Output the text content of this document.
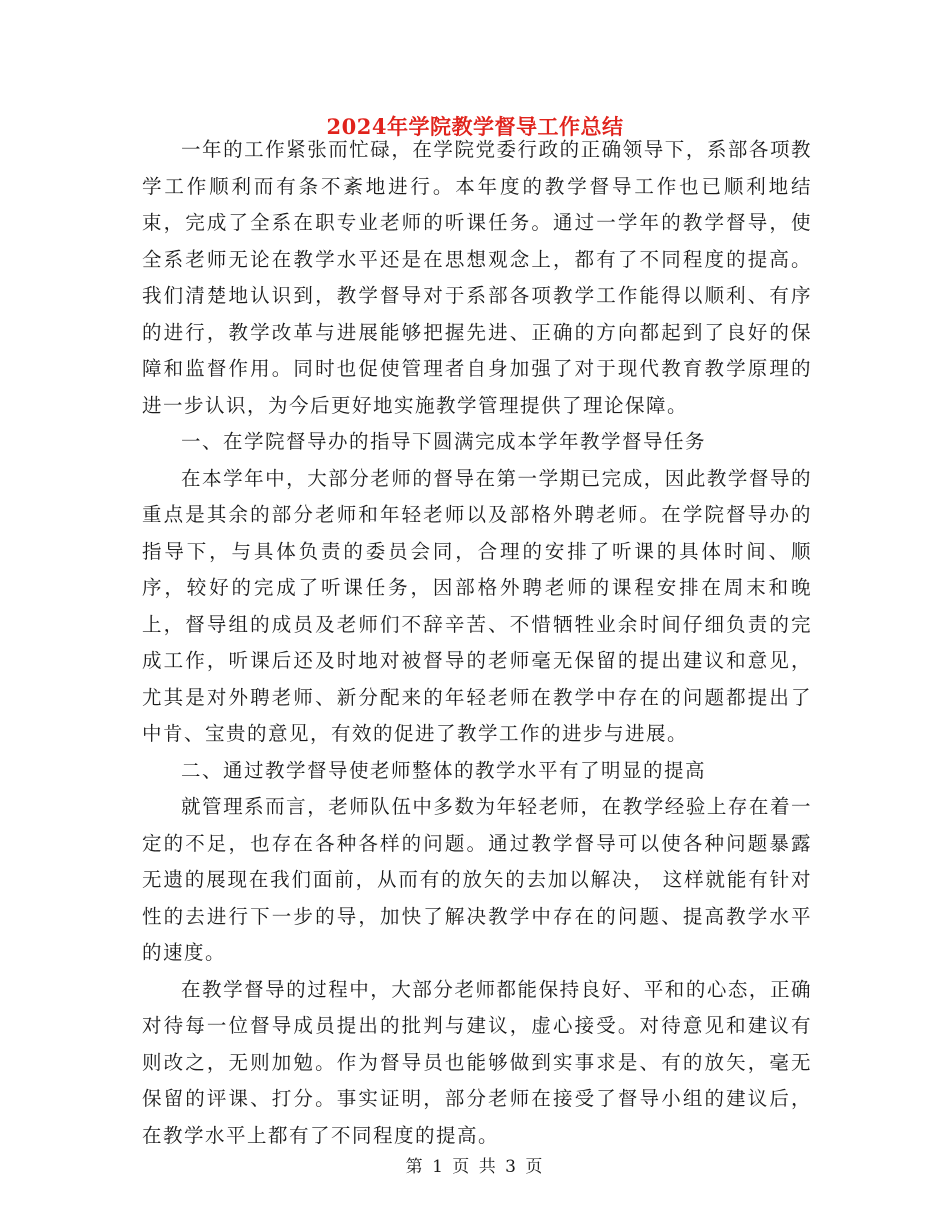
2024年学院教学督导工作总结

一年的工作紧张而忙碌，在学院党委行政的正确领导下，系部各项教学工作顺利而有条不紊地进行。本年度的教学督导工作也已顺利地结束，完成了全系在职专业老师的听课任务。通过一学年的教学督导，使全系老师无论在教学水平还是在思想观念上，都有了不同程度的提高。我们清楚地认识到，教学督导对于系部各项教学工作能得以顺利、有序的进行，教学改革与进展能够把握先进、正确的方向都起到了良好的保障和监督作用。同时也促使管理者自身加强了对于现代教育教学原理的进一步认识，为今后更好地实施教学管理提供了理论保障。

一、在学院督导办的指导下圆满完成本学年教学督导任务

在本学年中，大部分老师的督导在第一学期已完成，因此教学督导的重点是其余的部分老师和年轻老师以及部格外聘老师。在学院督导办的指导下，与具体负责的委员会同，合理的安排了听课的具体时间、顺序，较好的完成了听课任务，因部格外聘老师的课程安排在周末和晚上，督导组的成员及老师们不辞辛苦、不惜牺牲业余时间仔细负责的完成工作，听课后还及时地对被督导的老师毫无保留的提出建议和意见，尤其是对外聘老师、新分配来的年轻老师在教学中存在的问题都提出了中肯、宝贵的意见，有效的促进了教学工作的进步与进展。

二、通过教学督导使老师整体的教学水平有了明显的提高

就管理系而言，老师队伍中多数为年轻老师，在教学经验上存在着一定的不足，也存在各种各样的问题。通过教学督导可以使各种问题暴露无遗的展现在我们面前，从而有的放矢的去加以解决， 这样就能有针对性的去进行下一步的导，加快了解决教学中存在的问题、提高教学水平的速度。

在教学督导的过程中，大部分老师都能保持良好、平和的心态，正确对待每一位督导成员提出的批判与建议，虚心接受。对待意见和建议有则改之，无则加勉。作为督导员也能够做到实事求是、有的放矢，毫无保留的评课、打分。事实证明，部分老师在接受了督导小组的建议后，在教学水平上都有了不同程度的提高。

第 1 页 共 3 页
